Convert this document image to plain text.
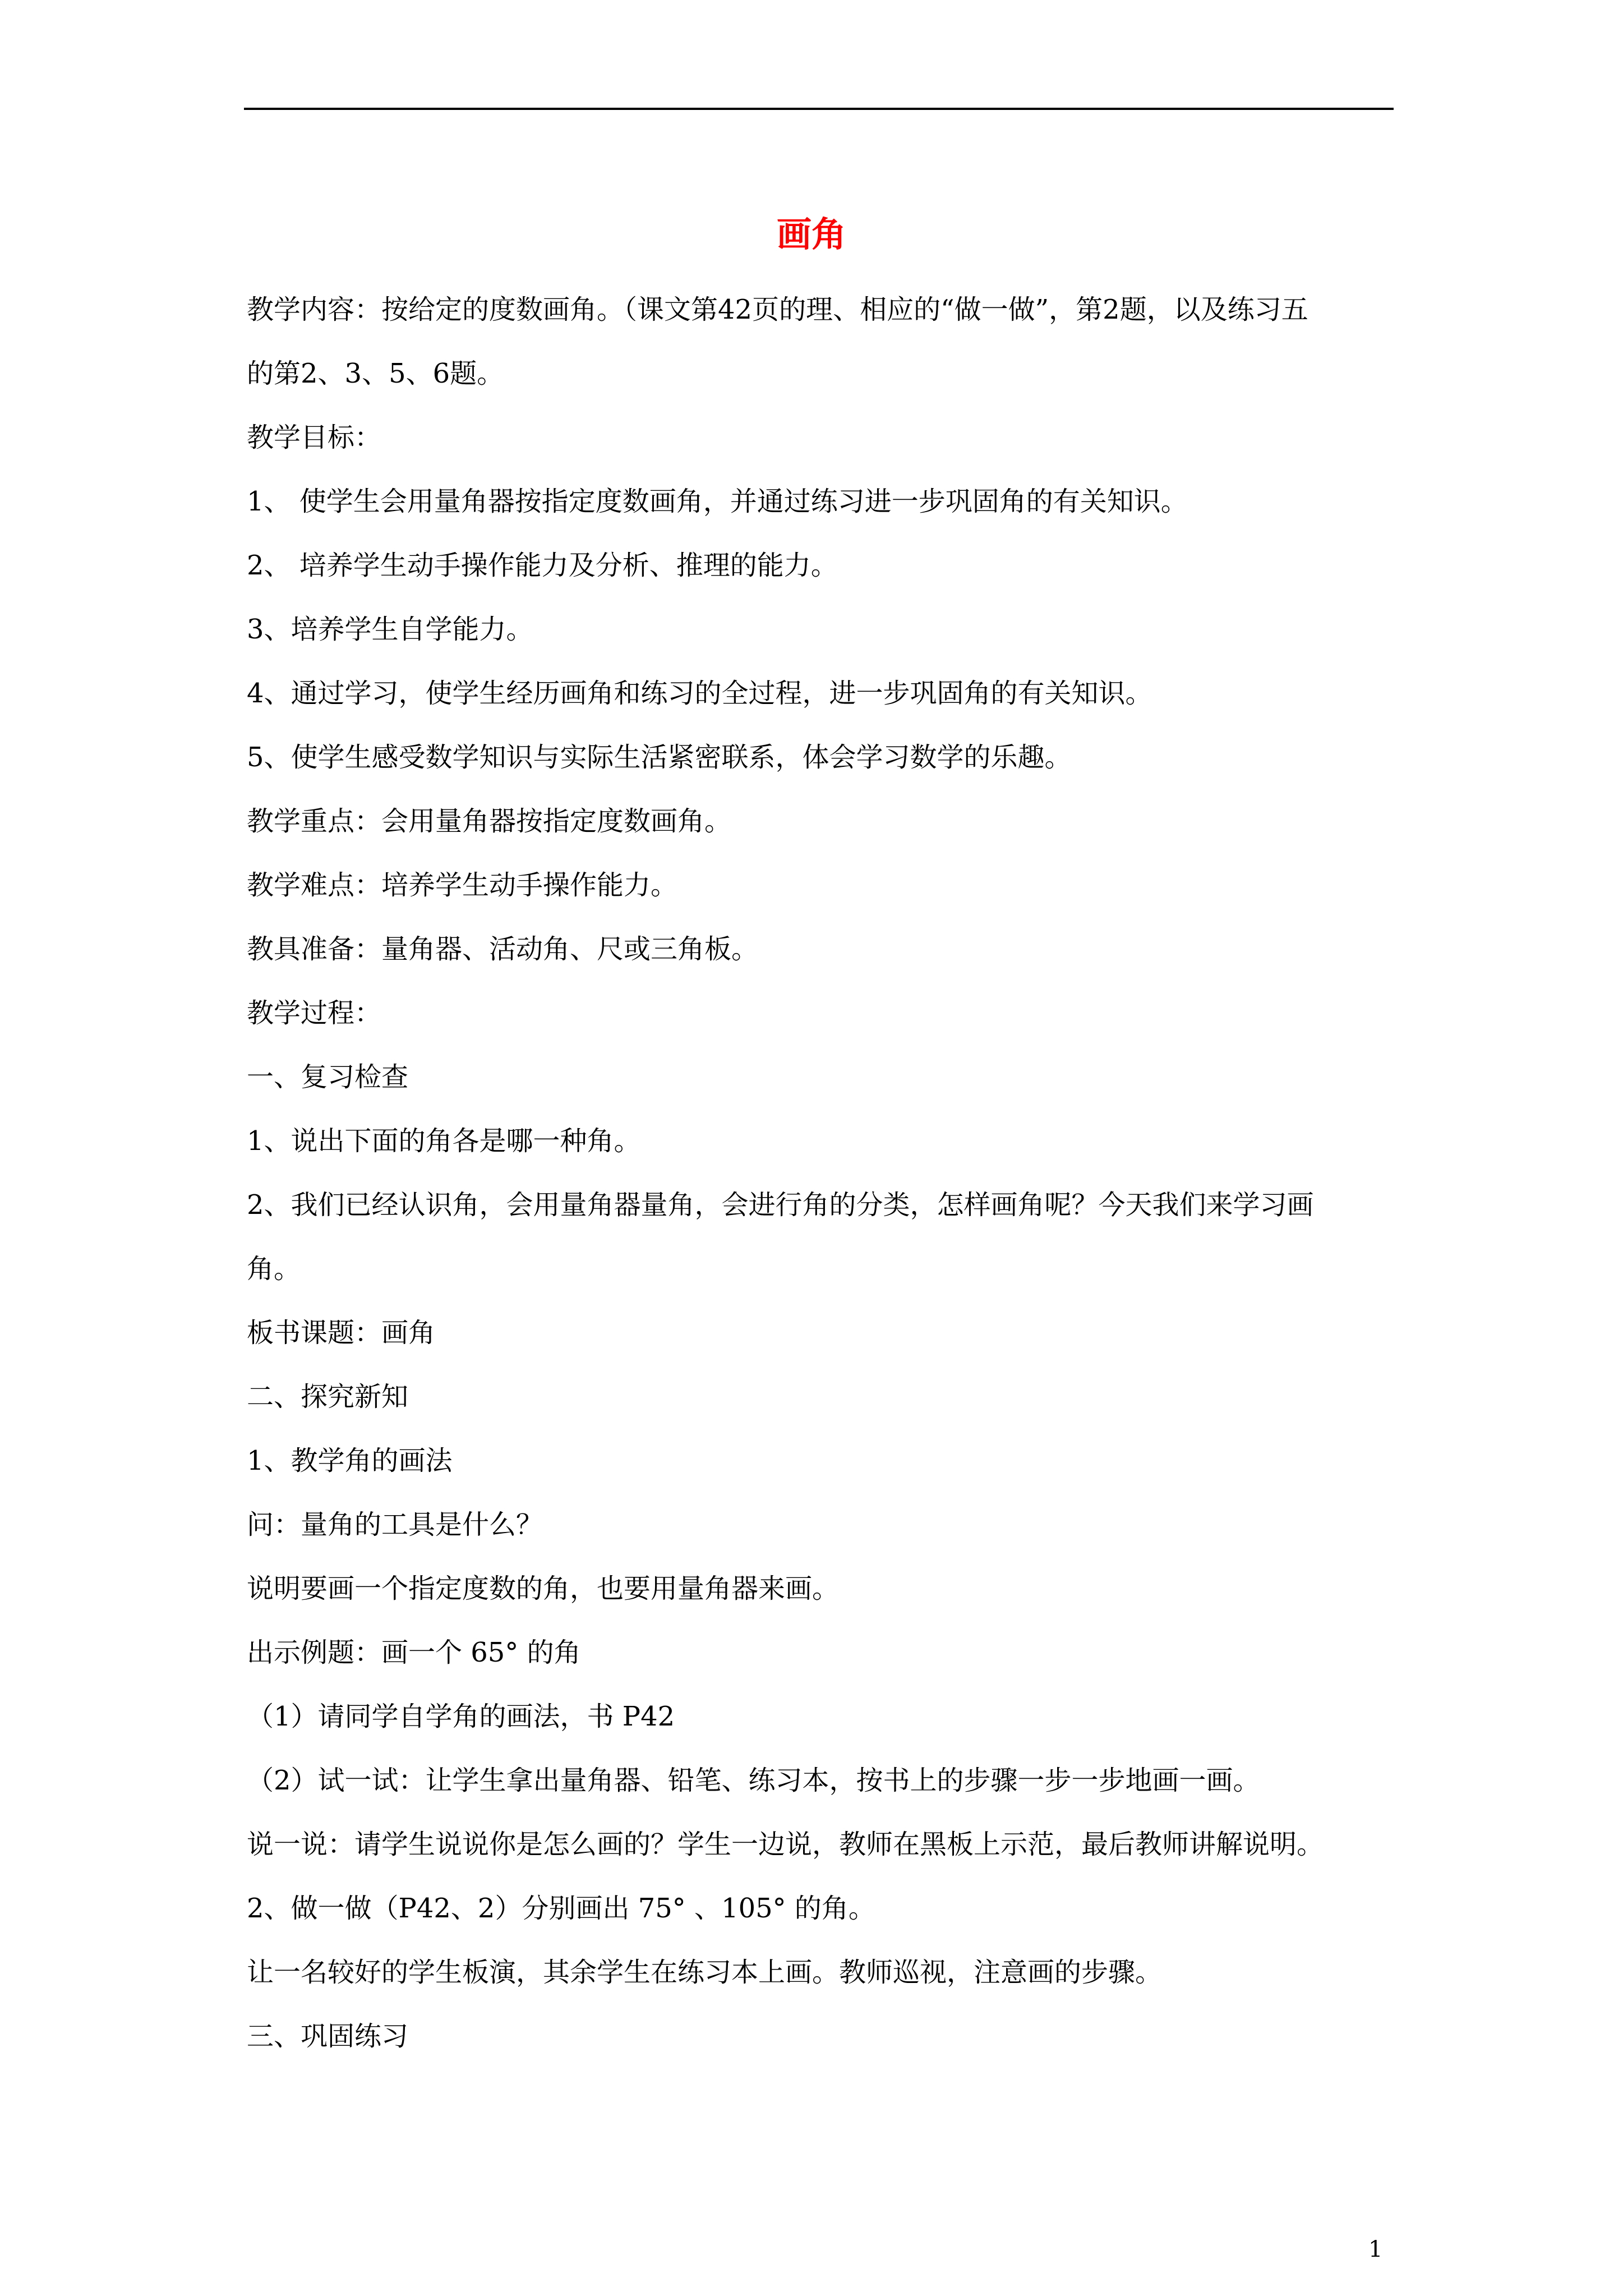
画角

教学内容：按给定的度数画角。（课文第42页的理、相应的“做一做”，第2题，以及练习五

的第2、3、5、6题。

教学目标：

1、 使学生会用量角器按指定度数画角，并通过练习进一步巩固角的有关知识。

2、 培养学生动手操作能力及分析、推理的能力。

3、培养学生自学能力。

4、通过学习，使学生经历画角和练习的全过程，进一步巩固角的有关知识。

5、使学生感受数学知识与实际生活紧密联系，体会学习数学的乐趣。

教学重点：会用量角器按指定度数画角。

教学难点：培养学生动手操作能力。

教具准备：量角器、活动角、尺或三角板。

教学过程：

一、复习检查

1、说出下面的角各是哪一种角。

2、我们已经认识角，会用量角器量角，会进行角的分类，怎样画角呢？今天我们来学习画

角。

板书课题：画角

二、探究新知

1、教学角的画法

问：量角的工具是什么？

说明要画一个指定度数的角，也要用量角器来画。

出示例题：画一个 65° 的角

（1）请同学自学角的画法，书 P42

（2）试一试：让学生拿出量角器、铅笔、练习本，按书上的步骤一步一步地画一画。

说一说：请学生说说你是怎么画的？学生一边说，教师在黑板上示范，最后教师讲解说明。

2、做一做（P42、2）分别画出 75° 、105° 的角。

让一名较好的学生板演，其余学生在练习本上画。教师巡视，注意画的步骤。

三、巩固练习

1
